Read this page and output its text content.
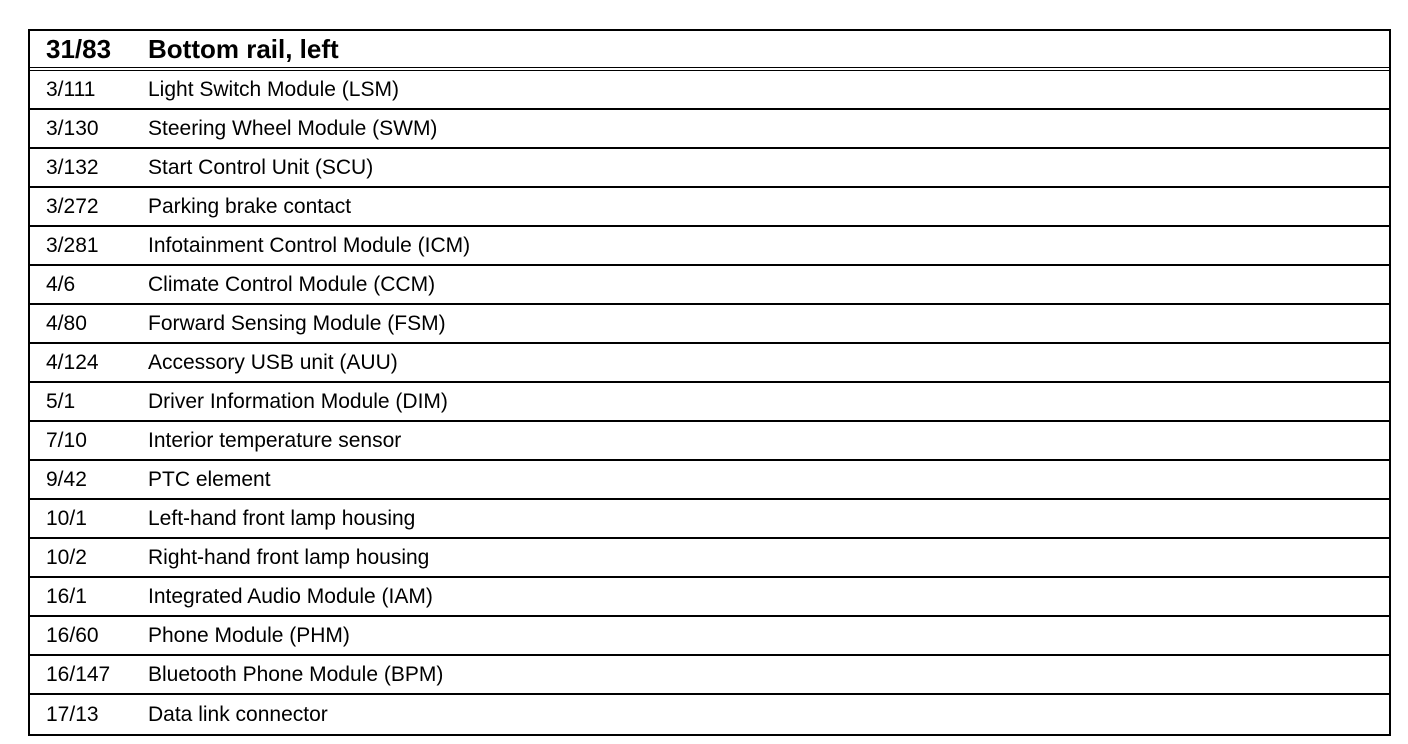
31/83	Bottom rail, left
3/111	Light Switch Module (LSM)
3/130	Steering Wheel Module (SWM)
3/132	Start Control Unit (SCU)
3/272	Parking brake contact
3/281	Infotainment Control Module (ICM)
4/6	Climate Control Module (CCM)
4/80	Forward Sensing Module (FSM)
4/124	Accessory USB unit (AUU)
5/1	Driver Information Module (DIM)
7/10	Interior temperature sensor
9/42	PTC element
10/1	Left-hand front lamp housing
10/2	Right-hand front lamp housing
16/1	Integrated Audio Module (IAM)
16/60	Phone Module (PHM)
16/147	Bluetooth Phone Module (BPM)
17/13	Data link connector
